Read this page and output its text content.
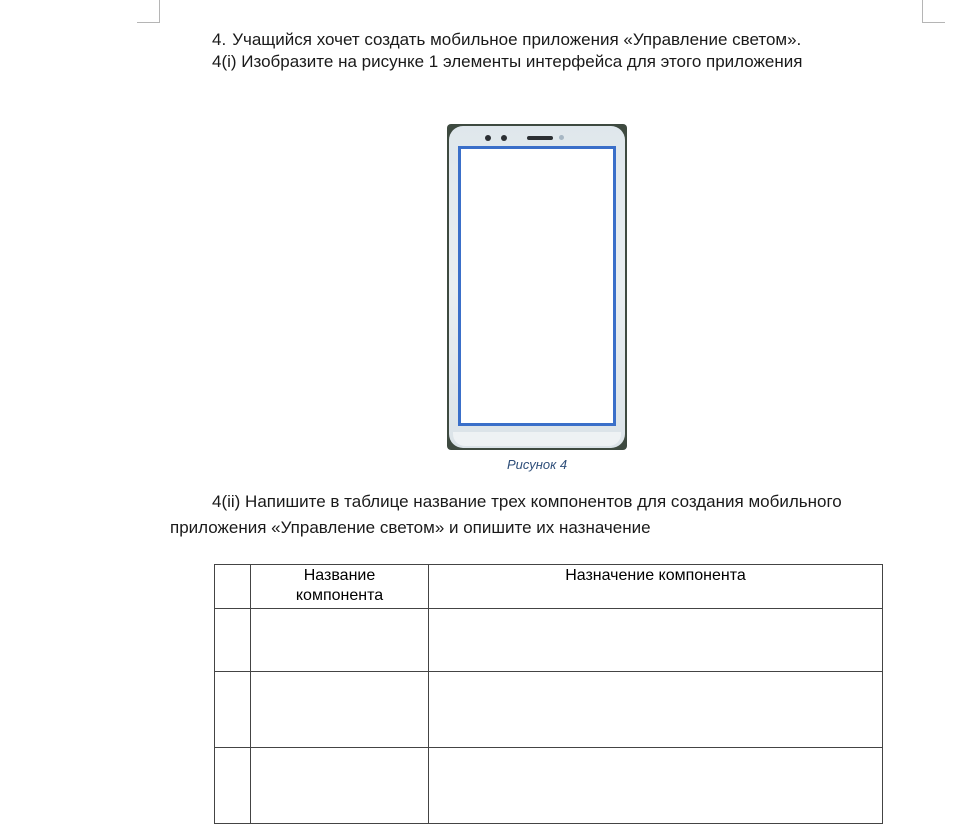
4. Учащийся хочет создать мобильное приложения «Управление светом». 4(i) Изобразите на рисунке 1 элементы интерфейса для этого приложения
Рисунок 4
4(ii) Напишите в таблице название трех компонентов для создания мобильного приложения «Управление светом» и опишите их назначение
	Название компонента	Назначение компонента
